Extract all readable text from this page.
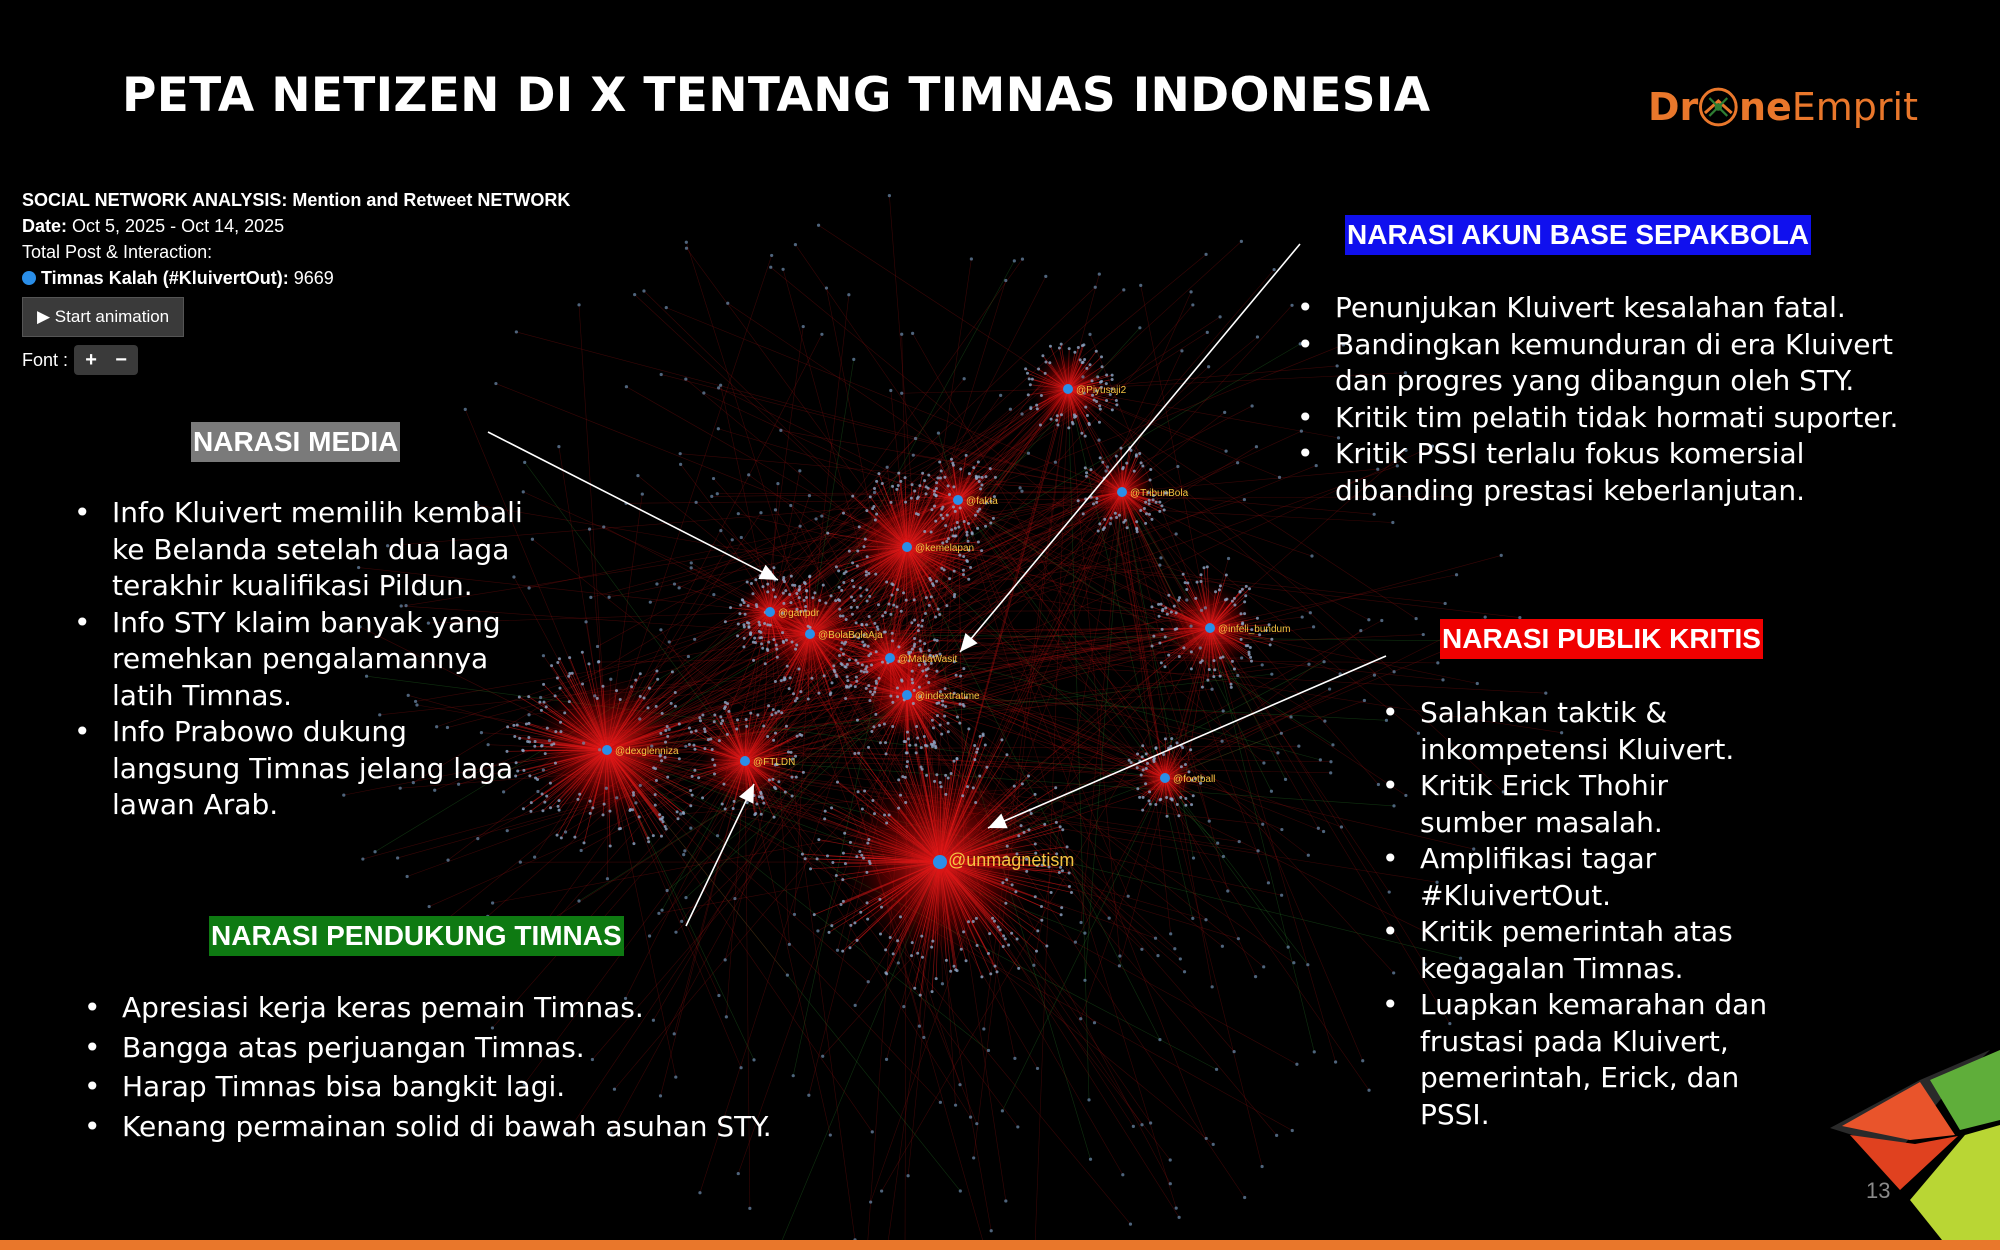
PETA NETIZEN DI X TENTANG TIMNAS INDONESIA	Dr ne Emprit
@unmagnetism
@dexglenniza
@kemelapan
@BolaBolaAja
@Piyusaji2
@indextratime
@MafiaWasit
@FTLDN
@ganpdr
@fakta
@TribunBola
@infeli_bundum
@football
SOCIAL NETWORK ANALYSIS: Mention and Retweet NETWORK
Date: Oct 5, 2025 - Oct 14, 2025
Total Post & Interaction:
Timnas Kalah (#KluivertOut): 9669
▶ Start animation
Font : + −
NARASI MEDIA
• Info Kluivert memilih kembali ke Belanda setelah dua laga terakhir kualifikasi Pildun.
• Info STY klaim banyak yang remehkan pengalamannya latih Timnas.
• Info Prabowo dukung langsung Timnas jelang laga lawan Arab.
NARASI AKUN BASE SEPAKBOLA
• Penunjukan Kluivert kesalahan fatal.
• Bandingkan kemunduran di era Kluivert dan progres yang dibangun oleh STY.
• Kritik tim pelatih tidak hormati suporter.
• Kritik PSSI terlalu fokus komersial dibanding prestasi keberlanjutan.
NARASI PUBLIK KRITIS
• Salahkan taktik & inkompetensi Kluivert.
• Kritik Erick Thohir sumber masalah.
• Amplifikasi tagar #KluivertOut.
• Kritik pemerintah atas kegagalan Timnas.
• Luapkan kemarahan dan frustasi pada Kluivert, pemerintah, Erick, dan PSSI.
NARASI PENDUKUNG TIMNAS
• Apresiasi kerja keras pemain Timnas.
• Bangga atas perjuangan Timnas.
• Harap Timnas bisa bangkit lagi.
• Kenang permainan solid di bawah asuhan STY.
13
